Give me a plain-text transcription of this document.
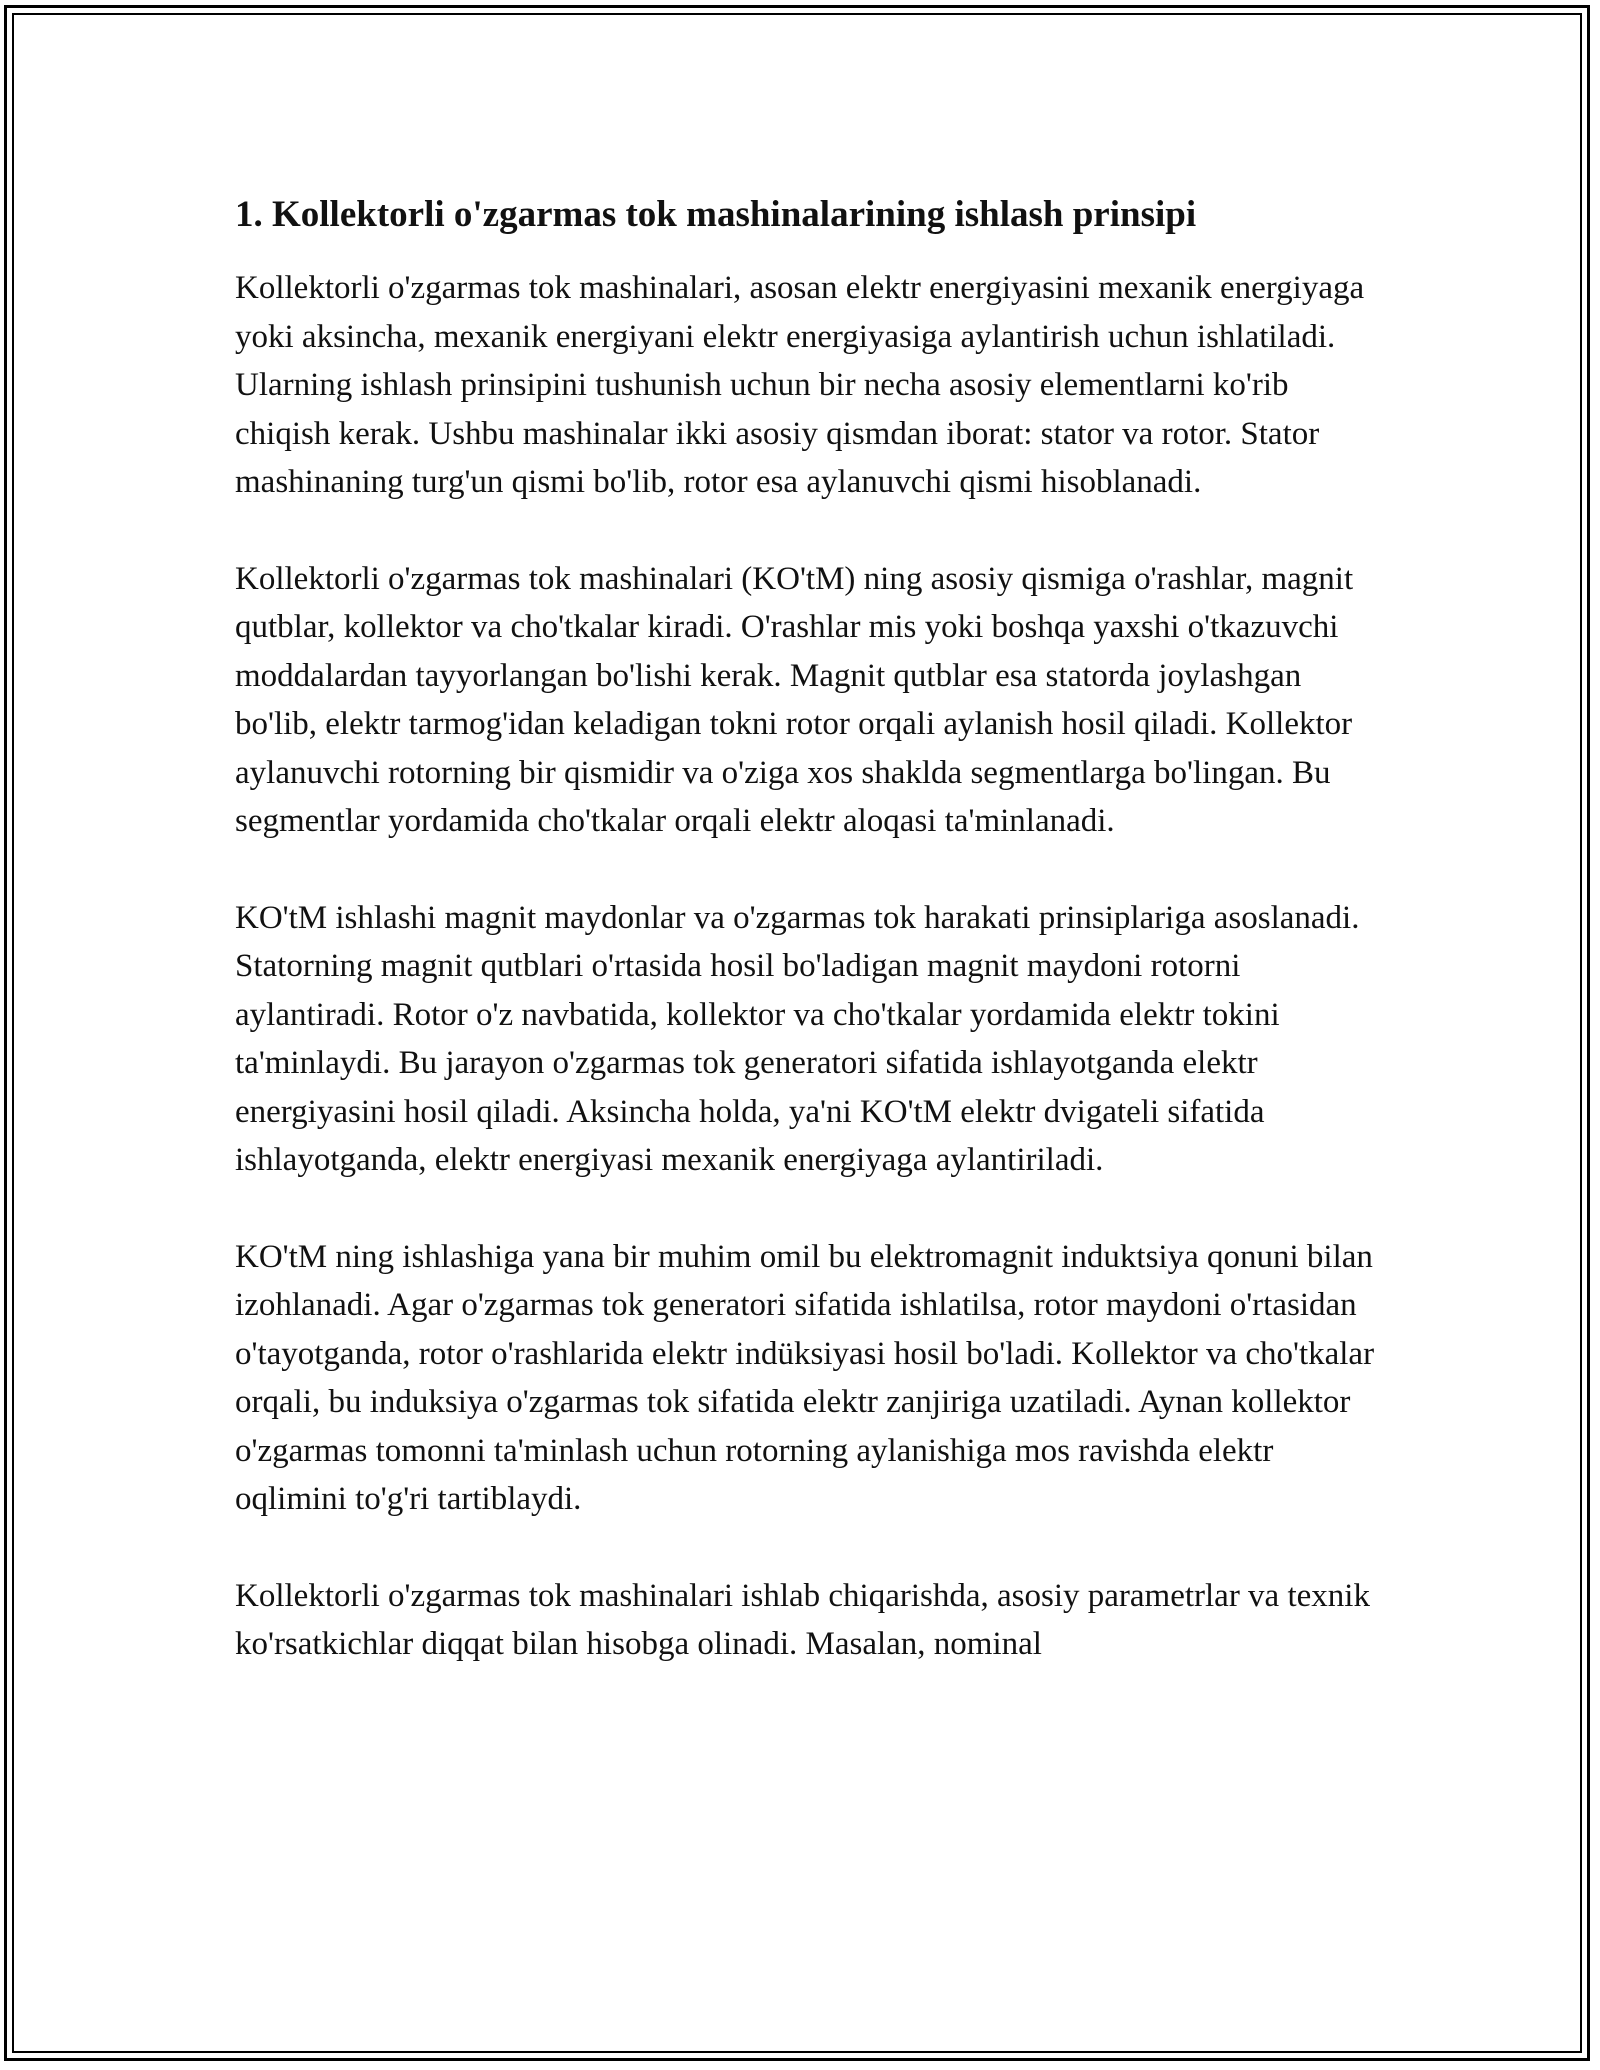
1. Kollektorli o'zgarmas tok mashinalarining ishlash prinsipi

Kollektorli o'zgarmas tok mashinalari, asosan elektr energiyasini mexanik energiyaga yoki aksincha, mexanik energiyani elektr energiyasiga aylantirish uchun ishlatiladi. Ularning ishlash prinsipini tushunish uchun bir necha asosiy elementlarni ko'rib chiqish kerak. Ushbu mashinalar ikki asosiy qismdan iborat: stator va rotor. Stator mashinaning turg'un qismi bo'lib, rotor esa aylanuvchi qismi hisoblanadi.

Kollektorli o'zgarmas tok mashinalari (KO'tM) ning asosiy qismiga o'rashlar, magnit qutblar, kollektor va cho'tkalar kiradi. O'rashlar mis yoki boshqa yaxshi o'tkazuvchi moddalardan tayyorlangan bo'lishi kerak. Magnit qutblar esa statorda joylashgan bo'lib, elektr tarmog'idan keladigan tokni rotor orqali aylanish hosil qiladi. Kollektor aylanuvchi rotorning bir qismidir va o'ziga xos shaklda segmentlarga bo'lingan. Bu segmentlar yordamida cho'tkalar orqali elektr aloqasi ta'minlanadi.

KO'tM ishlashi magnit maydonlar va o'zgarmas tok harakati prinsiplariga asoslanadi. Statorning magnit qutblari o'rtasida hosil bo'ladigan magnit maydoni rotorni aylantiradi. Rotor o'z navbatida, kollektor va cho'tkalar yordamida elektr tokini ta'minlaydi. Bu jarayon o'zgarmas tok generatori sifatida ishlayotganda elektr energiyasini hosil qiladi. Aksincha holda, ya'ni KO'tM elektr dvigateli sifatida ishlayotganda, elektr energiyasi mexanik energiyaga aylantiriladi.

KO'tM ning ishlashiga yana bir muhim omil bu elektromagnit induktsiya qonuni bilan izohlanadi. Agar o'zgarmas tok generatori sifatida ishlatilsa, rotor maydoni o'rtasidan o'tayotganda, rotor o'rashlarida elektr indüksiyasi hosil bo'ladi. Kollektor va cho'tkalar orqali, bu induksiya o'zgarmas tok sifatida elektr zanjiriga uzatiladi. Aynan kollektor o'zgarmas tomonni ta'minlash uchun rotorning aylanishiga mos ravishda elektr oqlimini to'g'ri tartiblaydi.

Kollektorli o'zgarmas tok mashinalari ishlab chiqarishda, asosiy parametrlar va texnik ko'rsatkichlar diqqat bilan hisobga olinadi. Masalan, nominal
